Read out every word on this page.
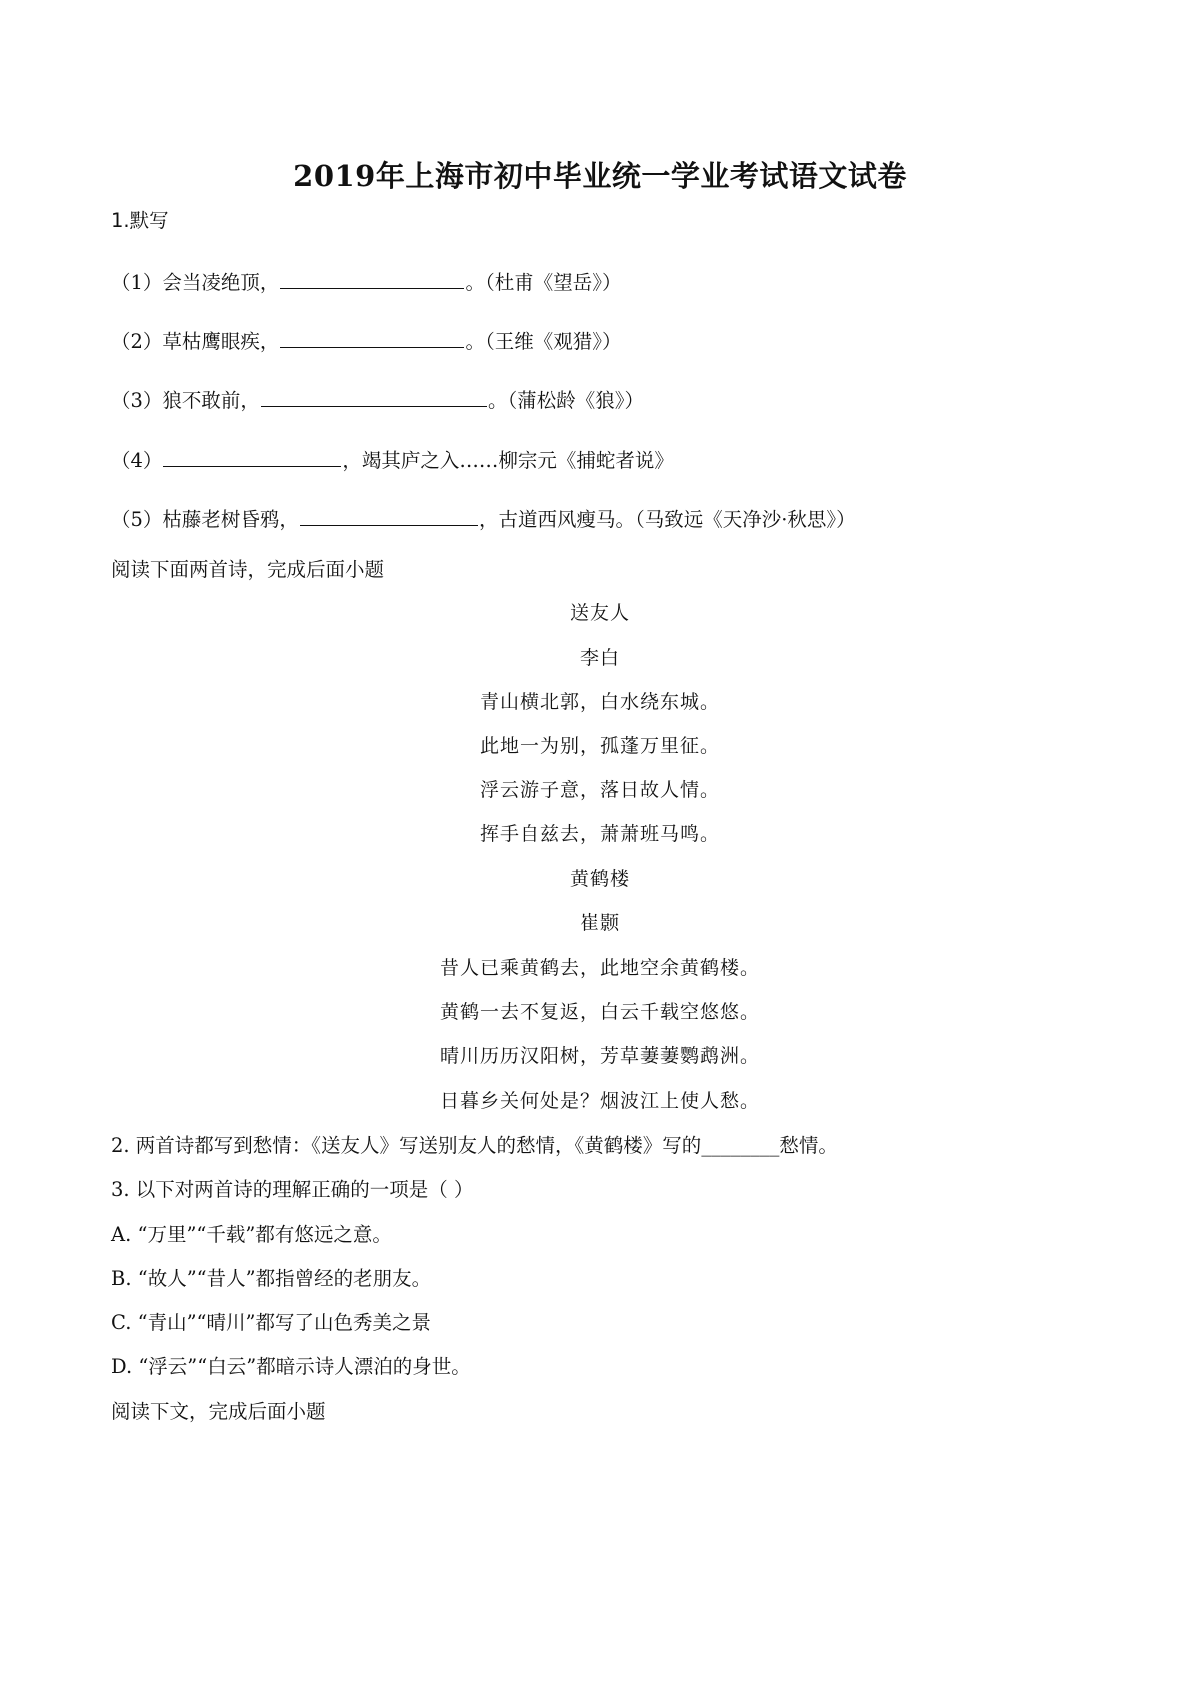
2019年上海市初中毕业统一学业考试语文试卷
1.默写
（1）会当凌绝顶，	。（杜甫《望岳》）
（2）草枯鹰眼疾，	。（王维《观猎》）
（3）狼不敢前，	。（蒲松龄《狼》）
（4）	，竭其庐之入……柳宗元《捕蛇者说》
（5）枯藤老树昏鸦，	，古道西风瘦马。（马致远《天净沙·秋思》）
阅读下面两首诗，完成后面小题
送友人
李白
青山横北郭，白水绕东城。
此地一为别，孤蓬万里征。
浮云游子意，落日故人情。
挥手自兹去，萧萧班马鸣。
黄鹤楼
崔颢
昔人已乘黄鹤去，此地空余黄鹤楼。
黄鹤一去不复返，白云千载空悠悠。
晴川历历汉阳树，芳草萋萋鹦鹉洲。
日暮乡关何处是？烟波江上使人愁。
2. 两首诗都写到愁情：《送友人》写送别友人的愁情，《黄鹤楼》写的________愁情。
3. 以下对两首诗的理解正确的一项是（ ）
A. “万里”“千载”都有悠远之意。
B. “故人”“昔人”都指曾经的老朋友。
C. “青山”“晴川”都写了山色秀美之景
D. “浮云”“白云”都暗示诗人漂泊的身世。
阅读下文，完成后面小题
